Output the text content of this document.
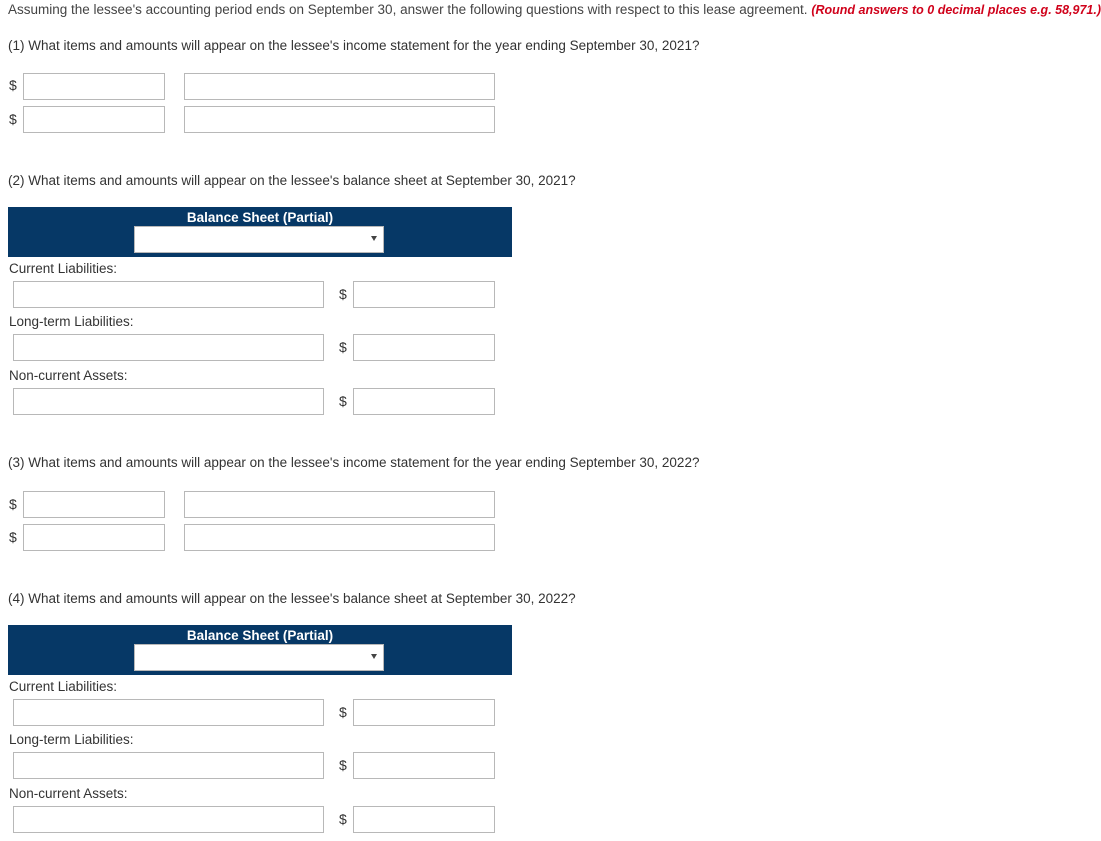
Assuming the lessee's accounting period ends on September 30, answer the following questions with respect to this lease agreement. (Round answers to 0 decimal places e.g. 58,971.)
(1) What items and amounts will appear on the lessee's income statement for the year ending September 30, 2021?
$
$
(2) What items and amounts will appear on the lessee's balance sheet at September 30, 2021?
Balance Sheet (Partial)
Current Liabilities:
$
Long-term Liabilities:
$
Non-current Assets:
$
(3) What items and amounts will appear on the lessee's income statement for the year ending September 30, 2022?
$
$
(4) What items and amounts will appear on the lessee's balance sheet at September 30, 2022?
Balance Sheet (Partial)
Current Liabilities:
$
Long-term Liabilities:
$
Non-current Assets:
$
